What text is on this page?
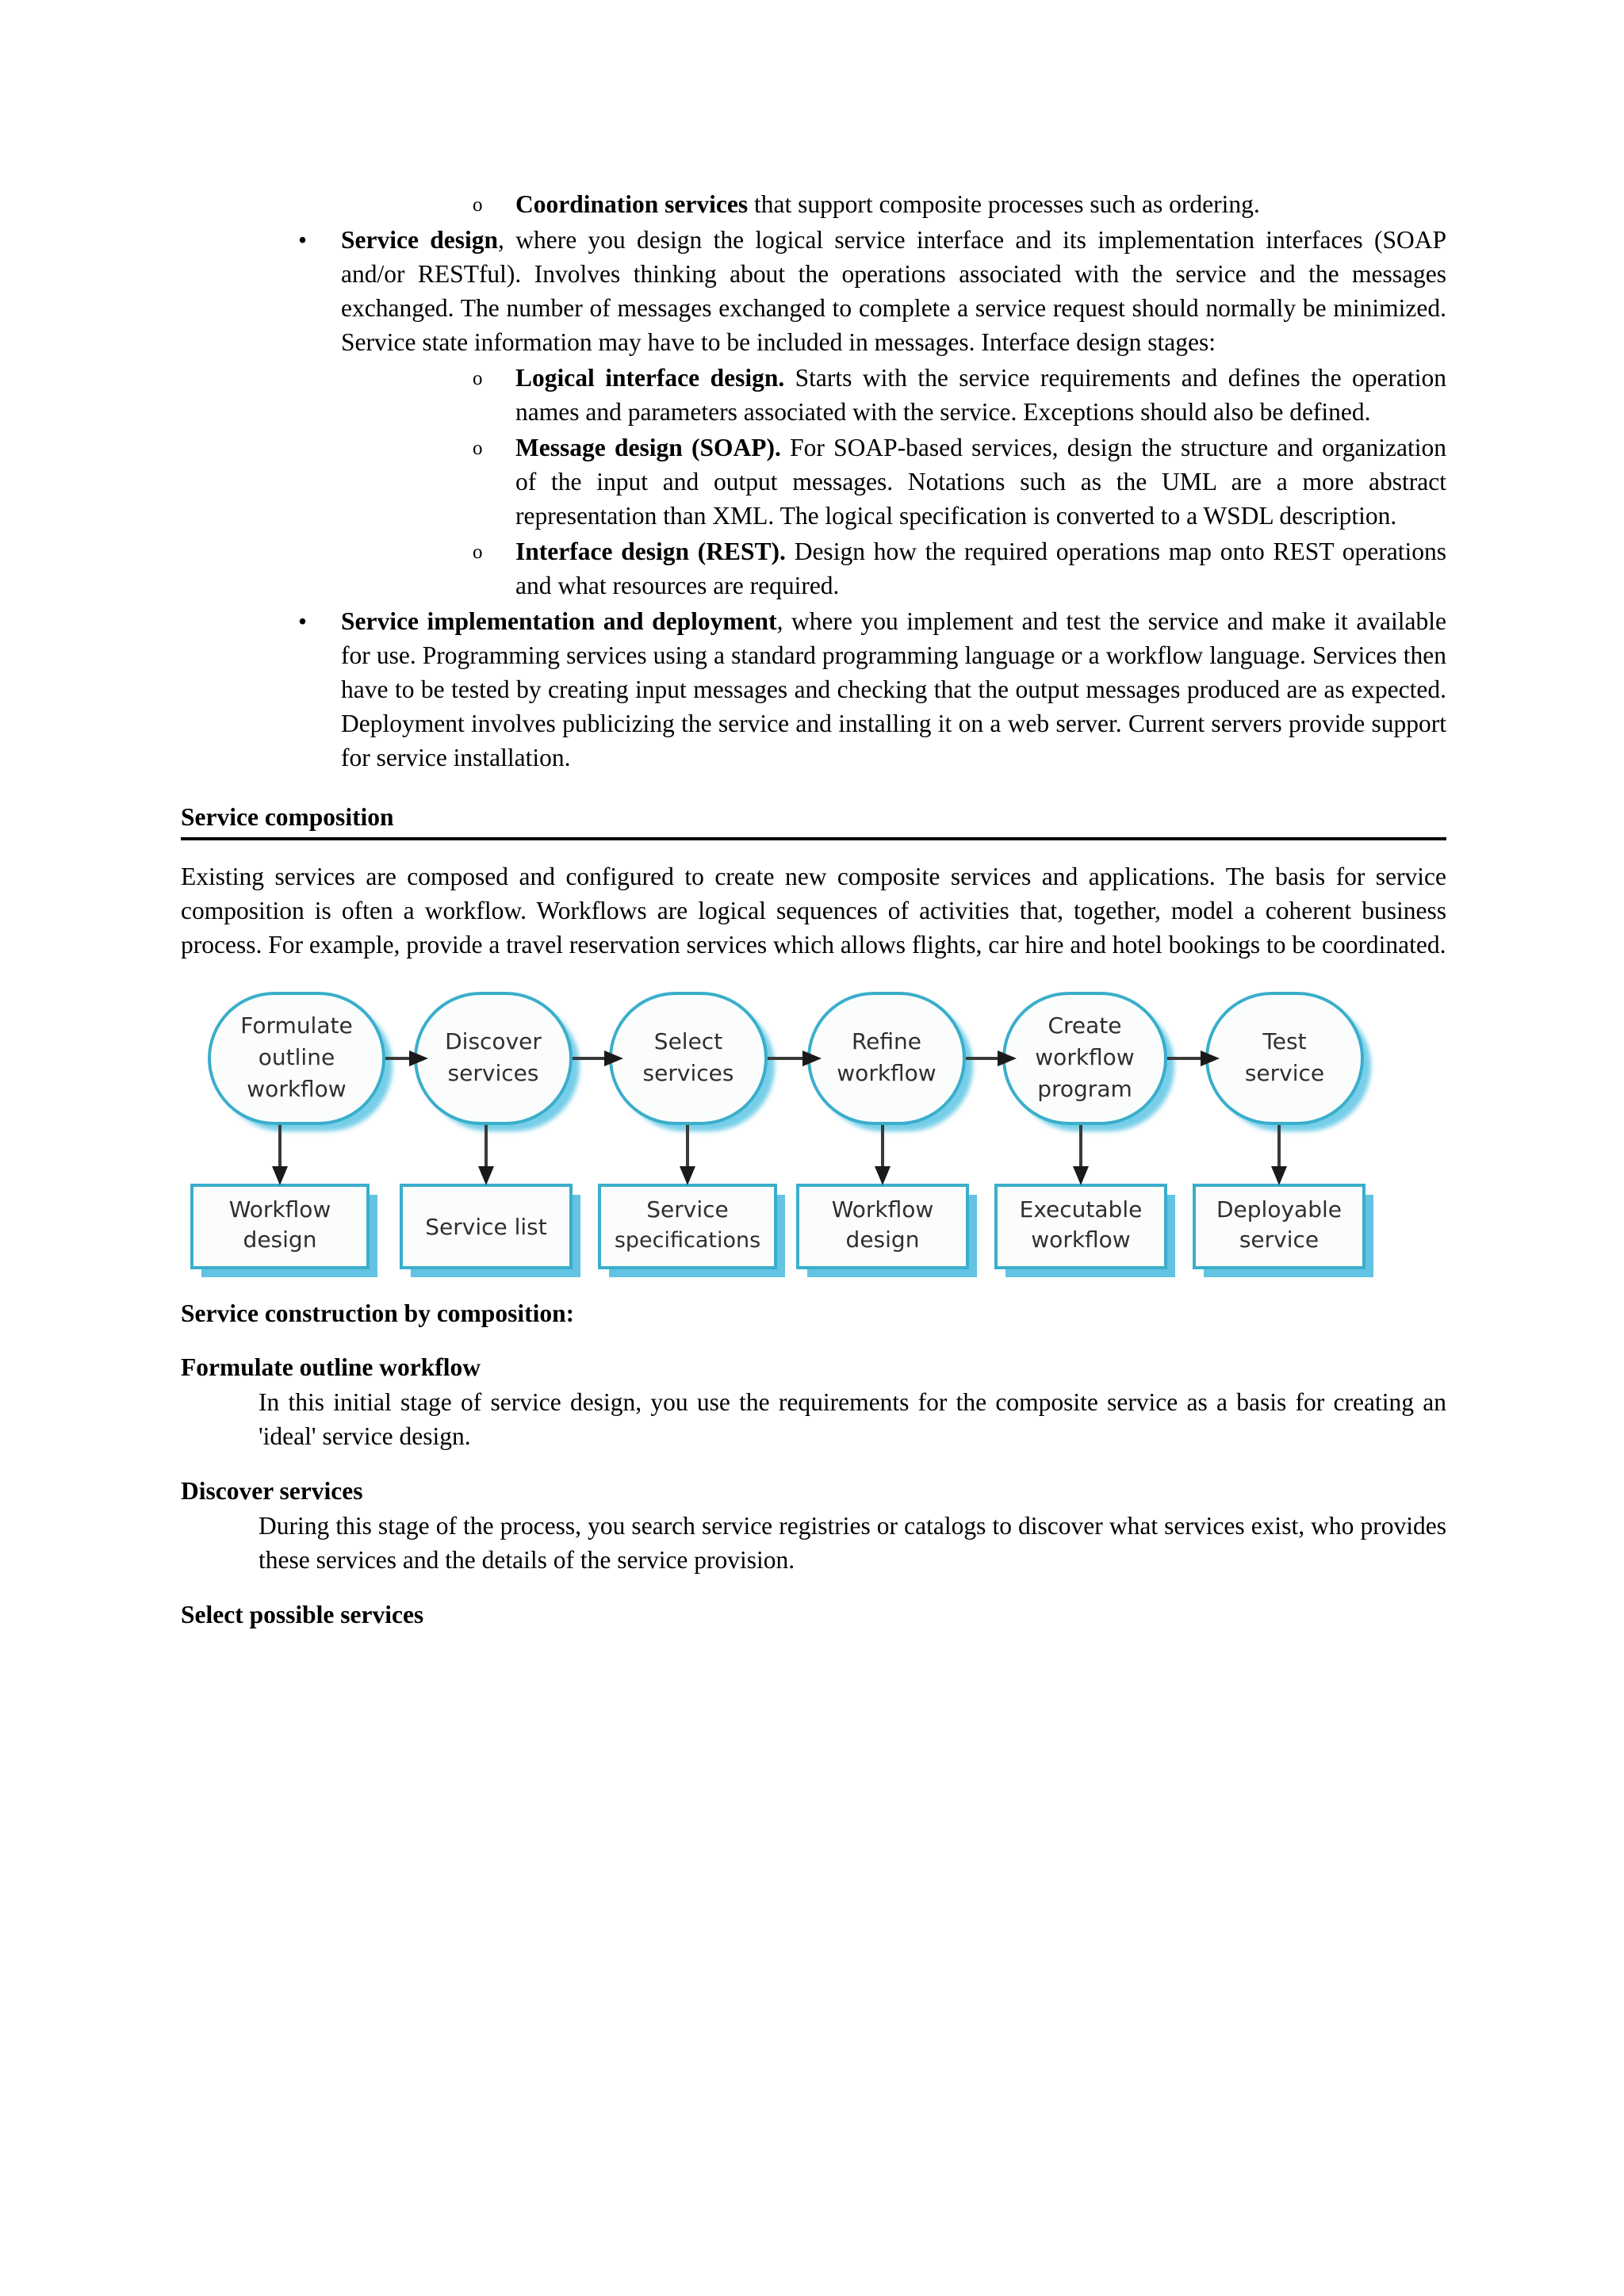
o Coordination services that support composite processes such as ordering.

• Service design, where you design the logical service interface and its implementation interfaces (SOAP and/or RESTful). Involves thinking about the operations associated with the service and the messages exchanged. The number of messages exchanged to complete a service request should normally be minimized. Service state information may have to be included in messages. Interface design stages:

o Logical interface design. Starts with the service requirements and defines the operation names and parameters associated with the service. Exceptions should also be defined.

o Message design (SOAP). For SOAP-based services, design the structure and organization of the input and output messages. Notations such as the UML are a more abstract representation than XML. The logical specification is converted to a WSDL description.

o Interface design (REST). Design how the required operations map onto REST operations and what resources are required.

• Service implementation and deployment, where you implement and test the service and make it available for use. Programming services using a standard programming language or a workflow language. Services then have to be tested by creating input messages and checking that the output messages produced are as expected. Deployment involves publicizing the service and installing it on a web server. Current servers provide support for service installation.

Service composition

Existing services are composed and configured to create new composite services and applications. The basis for service composition is often a workflow. Workflows are logical sequences of activities that, together, model a coherent business process. For example, provide a travel reservation services which allows flights, car hire and hotel bookings to be coordinated.

Formulate
outline
workflow
Discover
services
Select
services
Refine
workflow
Create
workflow
program
Test
service
Workflow
design	Service list
Service
specifications
Workflow
design
Executable
workflow
Deployable
service
Service construction by composition:
Formulate outline workflow

In this initial stage of service design, you use the requirements for the composite service as a basis for creating an 'ideal' service design.

Discover services

During this stage of the process, you search service registries or catalogs to discover what services exist, who provides these services and the details of the service provision.

Select possible services
